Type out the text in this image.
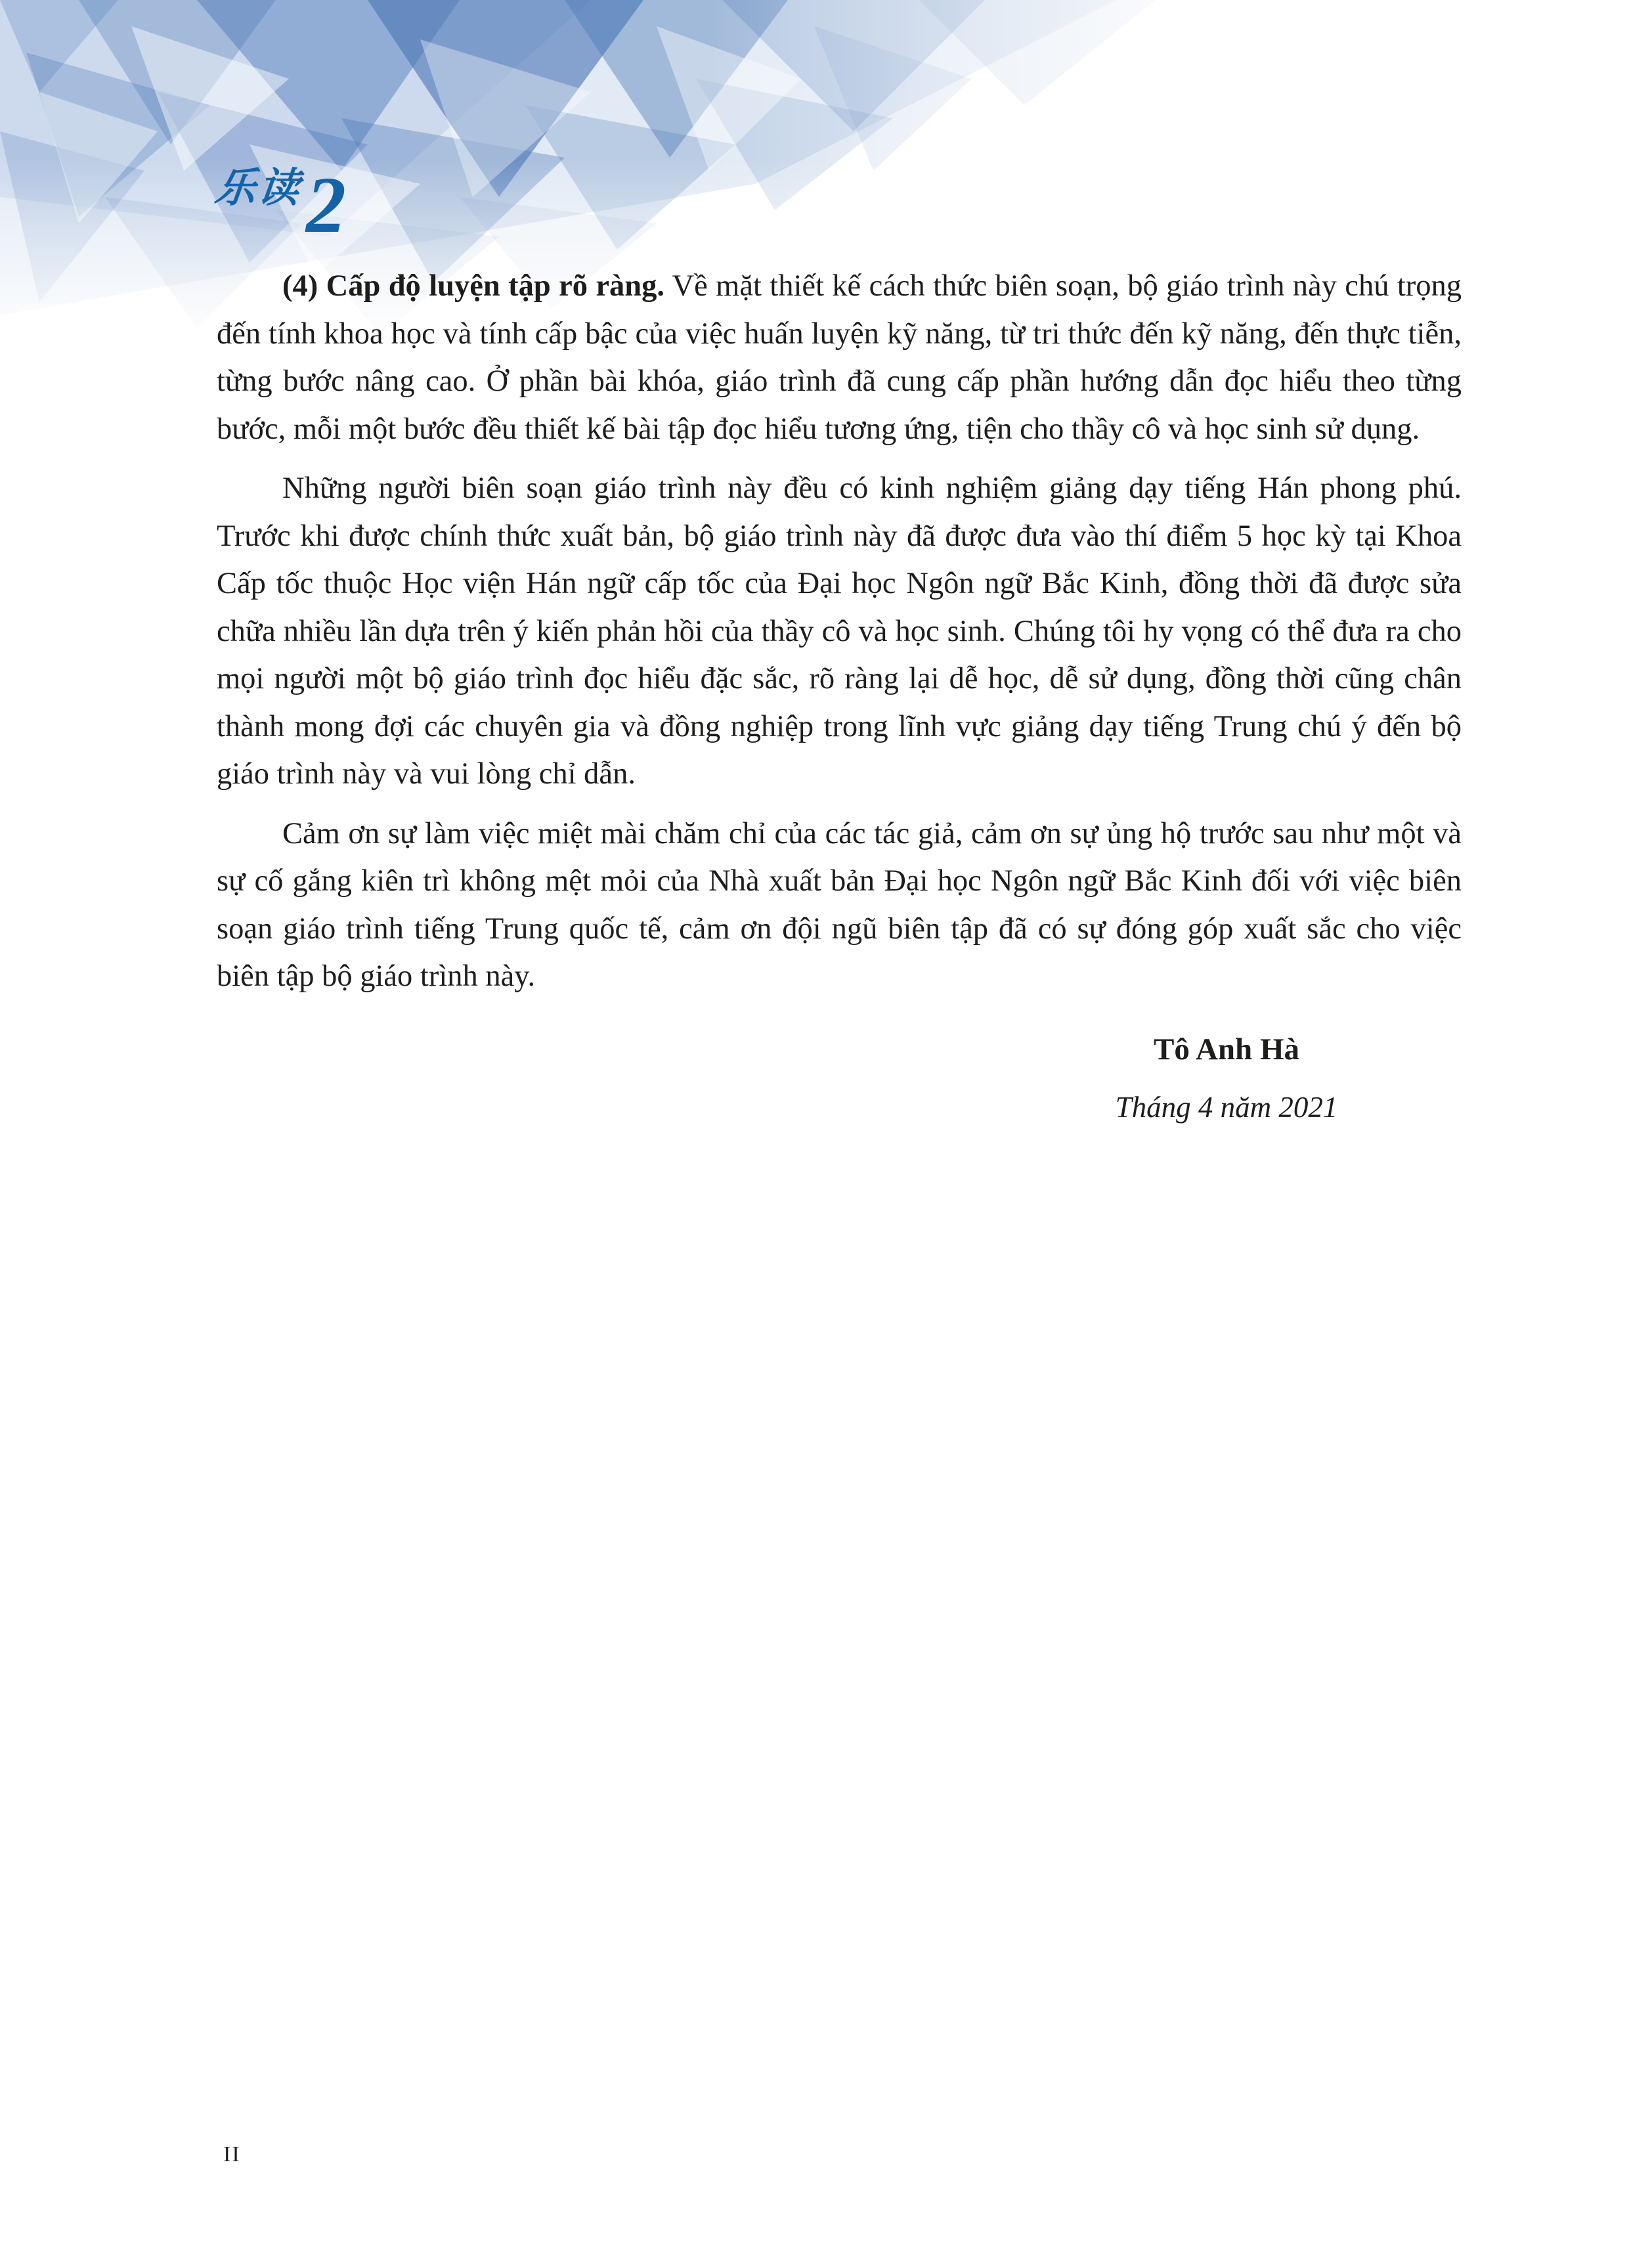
乐读2

(4) Cấp độ luyện tập rõ ràng. Về mặt thiết kế cách thức biên soạn, bộ giáo trình này chú trọng đến tính khoa học và tính cấp bậc của việc huấn luyện kỹ năng, từ tri thức đến kỹ năng, đến thực tiễn, từng bước nâng cao. Ở phần bài khóa, giáo trình đã cung cấp phần hướng dẫn đọc hiểu theo từng bước, mỗi một bước đều thiết kế bài tập đọc hiểu tương ứng, tiện cho thầy cô và học sinh sử dụng.

Những người biên soạn giáo trình này đều có kinh nghiệm giảng dạy tiếng Hán phong phú. Trước khi được chính thức xuất bản, bộ giáo trình này đã được đưa vào thí điểm 5 học kỳ tại Khoa Cấp tốc thuộc Học viện Hán ngữ cấp tốc của Đại học Ngôn ngữ Bắc Kinh, đồng thời đã được sửa chữa nhiều lần dựa trên ý kiến phản hồi của thầy cô và học sinh. Chúng tôi hy vọng có thể đưa ra cho mọi người một bộ giáo trình đọc hiểu đặc sắc, rõ ràng lại dễ học, dễ sử dụng, đồng thời cũng chân thành mong đợi các chuyên gia và đồng nghiệp trong lĩnh vực giảng dạy tiếng Trung chú ý đến bộ giáo trình này và vui lòng chỉ dẫn.

Cảm ơn sự làm việc miệt mài chăm chỉ của các tác giả, cảm ơn sự ủng hộ trước sau như một và sự cố gắng kiên trì không mệt mỏi của Nhà xuất bản Đại học Ngôn ngữ Bắc Kinh đối với việc biên soạn giáo trình tiếng Trung quốc tế, cảm ơn đội ngũ biên tập đã có sự đóng góp xuất sắc cho việc biên tập bộ giáo trình này.

Tô Anh Hà
Tháng 4 năm 2021
II
